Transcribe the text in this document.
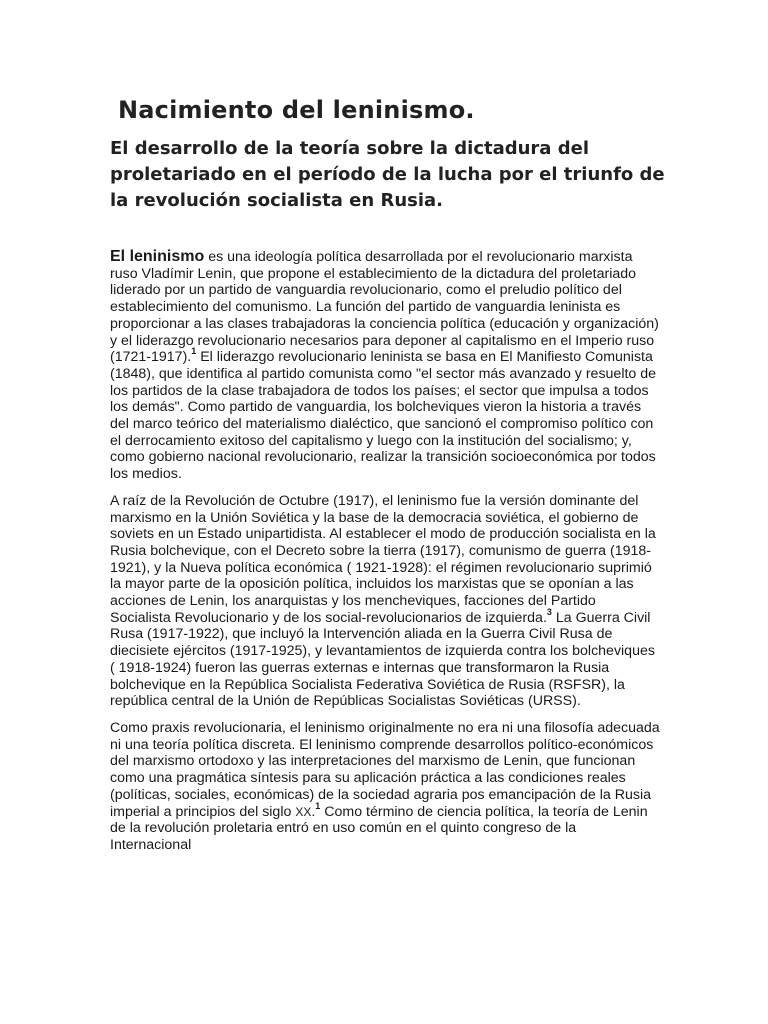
Nacimiento del leninismo.
El desarrollo de la teoría sobre la dictadura del proletariado en el período de la lucha por el triunfo de la revolución socialista en Rusia.

El leninismo es una ideología política desarrollada por el revolucionario marxista ruso Vladímir Lenin, que propone el establecimiento de la dictadura del proletariado liderado por un partido de vanguardia revolucionario, como el preludio político del establecimiento del comunismo. La función del partido de vanguardia leninista es proporcionar a las clases trabajadoras la conciencia política (educación y organización) y el liderazgo revolucionario necesarios para deponer al capitalismo en el Imperio ruso (1721-1917).$^1$ El liderazgo revolucionario leninista se basa en El Manifiesto Comunista (1848), que identifica al partido comunista como "el sector más avanzado y resuelto de los partidos de la clase trabajadora de todos los países; el sector que impulsa a todos los demás". Como partido de vanguardia, los bolcheviques vieron la historia a través del marco teórico del materialismo dialéctico, que sancionó el compromiso político con el derrocamiento exitoso del capitalismo y luego con la institución del socialismo; y, como gobierno nacional revolucionario, realizar la transición socioeconómica por todos los medios.

A raíz de la Revolución de Octubre (1917), el leninismo fue la versión dominante del marxismo en la Unión Soviética y la base de la democracia soviética, el gobierno de soviets en un Estado unipartidista. Al establecer el modo de producción socialista en la Rusia bolchevique, con el Decreto sobre la tierra (1917), comunismo de guerra (1918-1921), y la Nueva política económica ( 1921-1928): el régimen revolucionario suprimió la mayor parte de la oposición política, incluidos los marxistas que se oponían a las acciones de Lenin, los anarquistas y los mencheviques, facciones del Partido Socialista Revolucionario y de los social-revolucionarios de izquierda.$^3$ La Guerra Civil Rusa (1917-1922), que incluyó la Intervención aliada en la Guerra Civil Rusa de diecisiete ejércitos (1917-1925), y levantamientos de izquierda contra los bolcheviques ( 1918-1924) fueron las guerras externas e internas que transformaron la Rusia bolchevique en la República Socialista Federativa Soviética de Rusia (RSFSR), la república central de la Unión de Repúblicas Socialistas Soviéticas (URSS).

Como praxis revolucionaria, el leninismo originalmente no era ni una filosofía adecuada ni una teoría política discreta. El leninismo comprende desarrollos político-económicos del marxismo ortodoxo y las interpretaciones del marxismo de Lenin, que funcionan como una pragmática síntesis para su aplicación práctica a las condiciones reales (políticas, sociales, económicas) de la sociedad agraria pos emancipación de la Rusia imperial a principios del siglo XX.$^1$ Como término de ciencia política, la teoría de Lenin de la revolución proletaria entró en uso común en el quinto congreso de la Internacional
